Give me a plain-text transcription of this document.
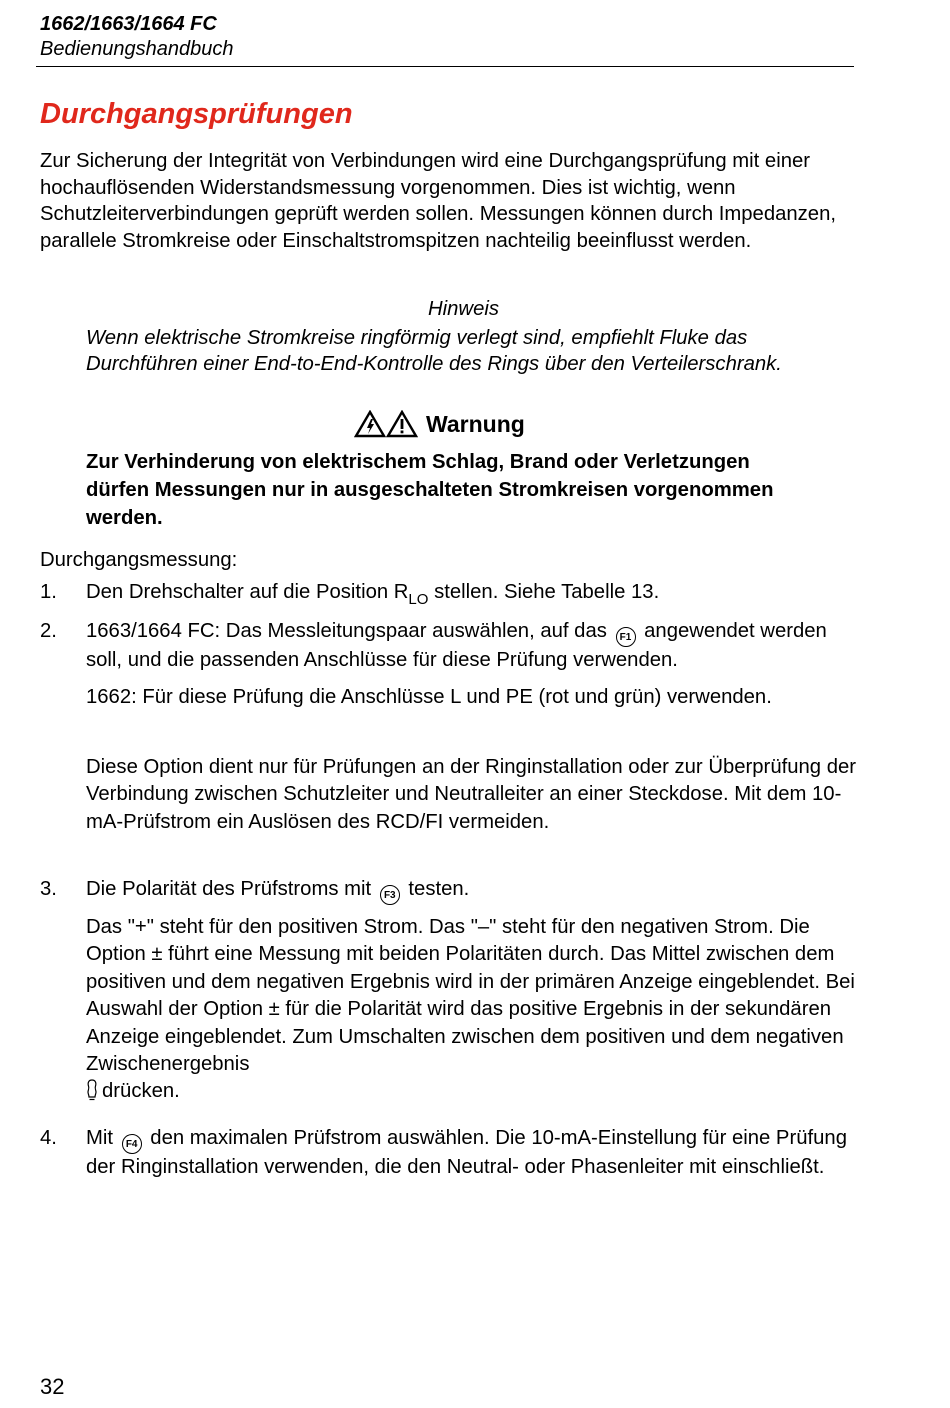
1662/1663/1664 FC
Bedienungshandbuch
Durchgangsprüfungen
Zur Sicherung der Integrität von Verbindungen wird eine Durchgangsprüfung mit einer hochauflösenden Widerstandsmessung vorgenommen. Dies ist wichtig, wenn Schutzleiterverbindungen geprüft werden sollen. Messungen können durch Impedanzen, parallele Stromkreise oder Einschaltstromspitzen nachteilig beeinflusst werden.
Hinweis
Wenn elektrische Stromkreise ringförmig verlegt sind, empfiehlt Fluke das Durchführen einer End-to-End-Kontrolle des Rings über den Verteilerschrank.
Warnung
Zur Verhinderung von elektrischem Schlag, Brand oder Verletzungen dürfen Messungen nur in ausgeschalteten Stromkreisen vorgenommen werden.
Durchgangsmessung:
1. Den Drehschalter auf die Position $R_{LO}$ stellen. Siehe Tabelle 13.
2. 1663/1664 FC: Das Messleitungspaar auswählen, auf das F1 angewendet werden soll, und die passenden Anschlüsse für diese Prüfung verwenden.
1662: Für diese Prüfung die Anschlüsse L und PE (rot und grün) verwenden.
Diese Option dient nur für Prüfungen an der Ringinstallation oder zur Überprüfung der Verbindung zwischen Schutzleiter und Neutralleiter an einer Steckdose. Mit dem 10-mA-Prüfstrom ein Auslösen des RCD/FI vermeiden.
3. Die Polarität des Prüfstroms mit F3 testen.
Das "+" steht für den positiven Strom. Das "–" steht für den negativen Strom. Die Option ± führt eine Messung mit beiden Polaritäten durch. Das Mittel zwischen dem positiven und dem negativen Ergebnis wird in der primären Anzeige eingeblendet. Bei Auswahl der Option ± für die Polarität wird das positive Ergebnis in der sekundären Anzeige eingeblendet. Zum Umschalten zwischen dem positiven und dem negativen Zwischenergebnis
drücken.
4. Mit F4 den maximalen Prüfstrom auswählen. Die 10-mA-Einstellung für eine Prüfung der Ringinstallation verwenden, die den Neutral- oder Phasenleiter mit einschließt.
32
